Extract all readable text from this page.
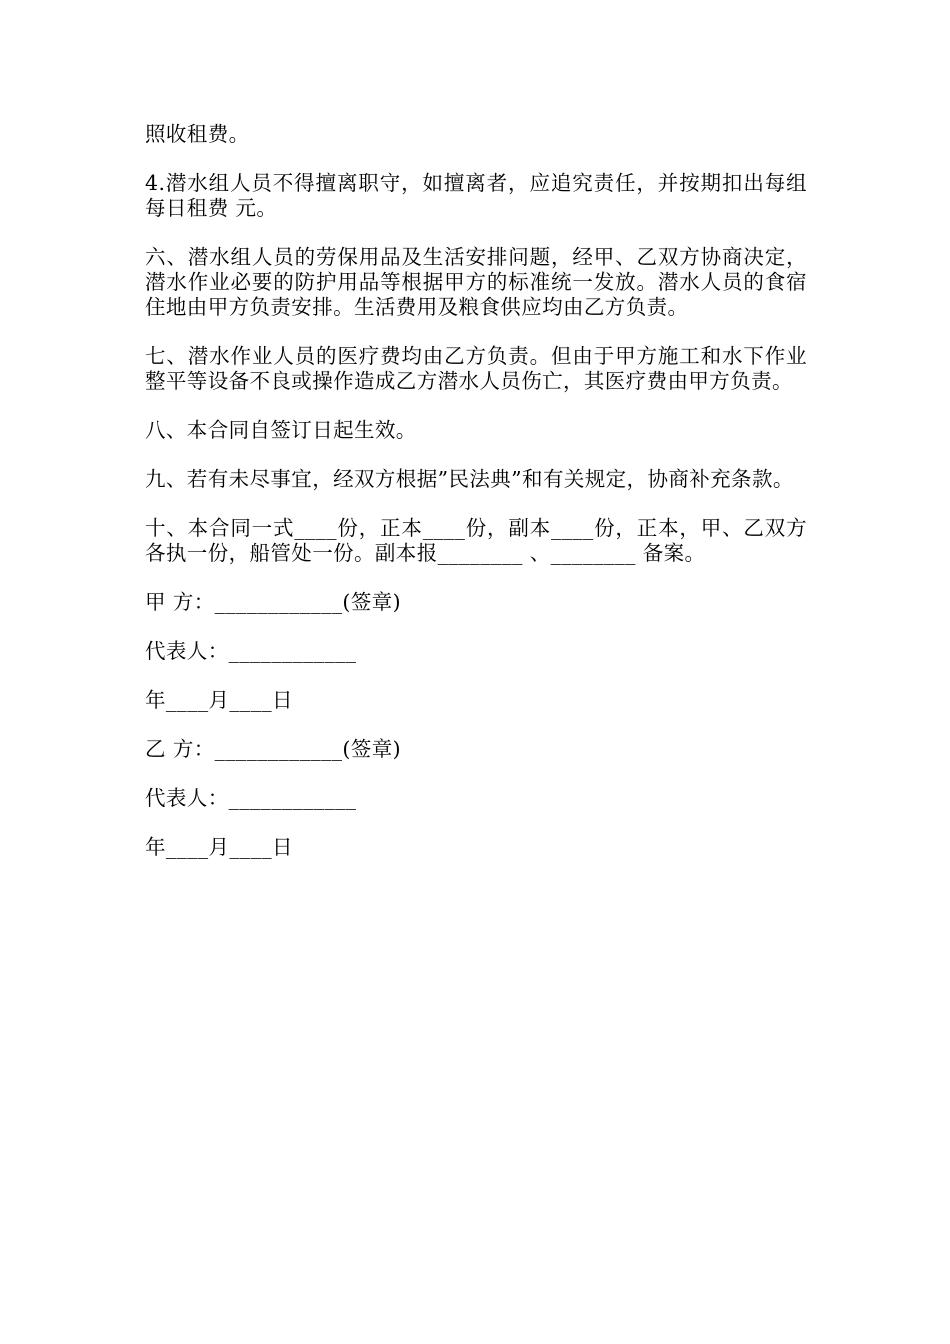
照收租费。

4.潜水组人员不得擅离职守，如擅离者，应追究责任，并按期扣出每组每日租费 元。

六、潜水组人员的劳保用品及生活安排问题，经甲、乙双方协商决定，潜水作业必要的防护用品等根据甲方的标准统一发放。潜水人员的食宿住地由甲方负责安排。生活费用及粮食供应均由乙方负责。

七、潜水作业人员的医疗费均由乙方负责。但由于甲方施工和水下作业整平等设备不良或操作造成乙方潜水人员伤亡，其医疗费由甲方负责。

八、本合同自签订日起生效。

九、若有未尽事宜，经双方根据”民法典”和有关规定，协商补充条款。

十、本合同一式____份，正本____份，副本____份，正本，甲、乙双方各执一份，船管处一份。副本报________ 、________ 备案。

甲 方：____________(签章)
代表人：____________
年____月____日
乙 方：____________(签章)
代表人：____________
年____月____日
